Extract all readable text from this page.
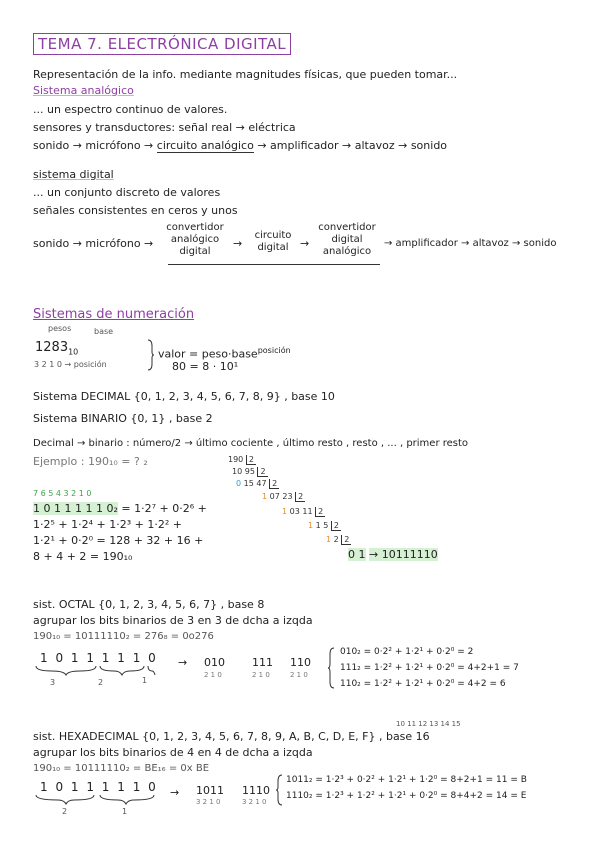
TEMA 7. ELECTRÓNICA DIGITAL
Representación de la info. mediante magnitudes físicas, que pueden tomar...
Sistema analógico
... un espectro continuo de valores.
sensores y transductores: señal real → eléctrica
sonido → micrófono → circuito analógico → amplificador → altavoz → sonido
sistema digital
... un conjunto discreto de valores
señales consistentes en ceros y unos
sonido → micrófono →
convertidor
analógico
digital
→
circuito
digital	→
convertidor
digital
analógico
→ amplificador → altavoz → sonido
Sistemas de numeración
pesos	base
$1283_{10}$
3 2 1 0 → posición
valor = peso·base$^{posición}$
80 = 8 · 10¹
Sistema DECIMAL {0, 1, 2, 3, 4, 5, 6, 7, 8, 9} , base 10
Sistema BINARIO {0, 1} , base 2
Decimal → binario : número/2 → último cociente , último resto , resto , ... , primer resto
Ejemplo : 190₁₀ = ? ₂
7 6 5 4 3 2 1 0
1 0 1 1 1 1 1 0₂ = 1·2⁷ + 0·2⁶ +
1·2⁵ + 1·2⁴ + 1·2³ + 1·2² +
1·2¹ + 0·2⁰ = 128 + 32 + 16 +
8 + 4 + 2 = 190₁₀
190 2
10 95 2
0 15 47 2
1 07 23 2
1 03 11 2
1 1 5 2
1 2 2
0 1 → 10111110
sist. OCTAL {0, 1, 2, 3, 4, 5, 6, 7} , base 8
agrupar los bits binarios de 3 en 3 de dcha a izqda
190₁₀ = 10111110₂ = 276₈ = 0o276
1 0 1 1 1 1 1 0
3	2	1
→ 010 111 110
2 1 0	2 1 0	2 1 0
010₂ = 0·2² + 1·2¹ + 0·2⁰ = 2
111₂ = 1·2² + 1·2¹ + 0·2⁰ = 4+2+1 = 7
110₂ = 1·2² + 1·2¹ + 0·2⁰ = 4+2 = 6
10 11 12 13 14 15
sist. HEXADECIMAL {0, 1, 2, 3, 4, 5, 6, 7, 8, 9, A, B, C, D, E, F} , base 16
agrupar los bits binarios de 4 en 4 de dcha a izqda
190₁₀ = 10111110₂ = BE₁₆ = 0x BE
1 0 1 1 1 1 1 0
2	1
→ 1011 1110
3 2 1 0	3 2 1 0
1011₂ = 1·2³ + 0·2² + 1·2¹ + 1·2⁰ = 8+2+1 = 11 = B
1110₂ = 1·2³ + 1·2² + 1·2¹ + 0·2⁰ = 8+4+2 = 14 = E
